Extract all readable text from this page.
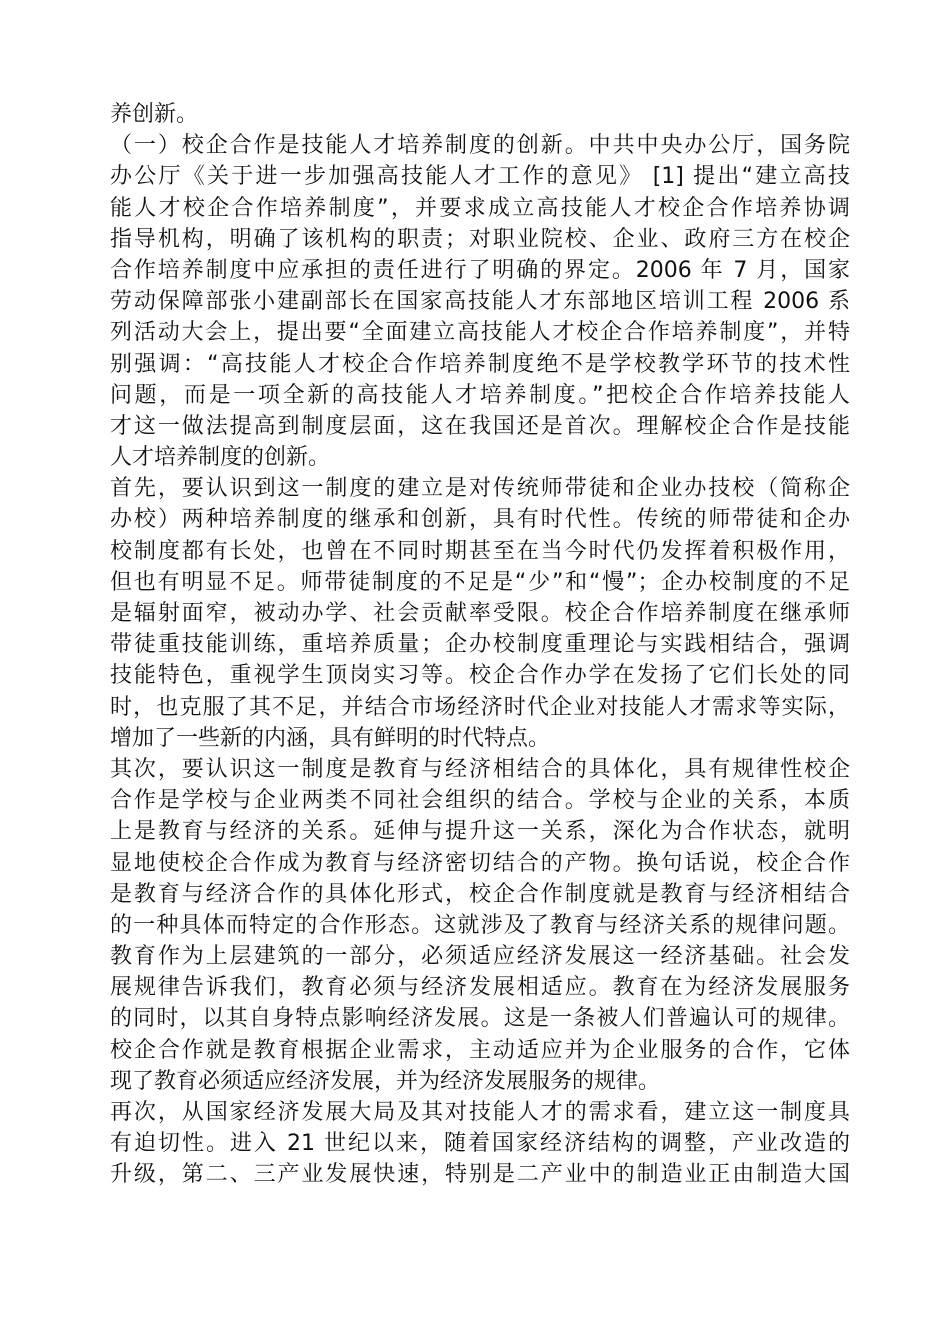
养创新。
（一）校企合作是技能人才培养制度的创新。中共中央办公厅，国务院
办公厅《关于进一步加强高技能人才工作的意见》 [1] 提出“建立高技
能人才校企合作培养制度”，并要求成立高技能人才校企合作培养协调
指导机构，明确了该机构的职责；对职业院校、企业、政府三方在校企
合作培养制度中应承担的责任进行了明确的界定。2006 年 7 月，国家
劳动保障部张小建副部长在国家高技能人才东部地区培训工程 2006 系
列活动大会上，提出要“全面建立高技能人才校企合作培养制度”，并特
别强调：“高技能人才校企合作培养制度绝不是学校教学环节的技术性
问题，而是一项全新的高技能人才培养制度。”把校企合作培养技能人
才这一做法提高到制度层面，这在我国还是首次。理解校企合作是技能
人才培养制度的创新。
首先，要认识到这一制度的建立是对传统师带徒和企业办技校（简称企
办校）两种培养制度的继承和创新，具有时代性。传统的师带徒和企办
校制度都有长处，也曾在不同时期甚至在当今时代仍发挥着积极作用，
但也有明显不足。师带徒制度的不足是“少”和“慢”；企办校制度的不足
是辐射面窄，被动办学、社会贡献率受限。校企合作培养制度在继承师
带徒重技能训练，重培养质量；企办校制度重理论与实践相结合，强调
技能特色，重视学生顶岗实习等。校企合作办学在发扬了它们长处的同
时，也克服了其不足，并结合市场经济时代企业对技能人才需求等实际，
增加了一些新的内涵，具有鲜明的时代特点。
其次，要认识这一制度是教育与经济相结合的具体化，具有规律性校企
合作是学校与企业两类不同社会组织的结合。学校与企业的关系，本质
上是教育与经济的关系。延伸与提升这一关系，深化为合作状态，就明
显地使校企合作成为教育与经济密切结合的产物。换句话说，校企合作
是教育与经济合作的具体化形式，校企合作制度就是教育与经济相结合
的一种具体而特定的合作形态。这就涉及了教育与经济关系的规律问题。
教育作为上层建筑的一部分，必须适应经济发展这一经济基础。社会发
展规律告诉我们，教育必须与经济发展相适应。教育在为经济发展服务
的同时，以其自身特点影响经济发展。这是一条被人们普遍认可的规律。
校企合作就是教育根据企业需求，主动适应并为企业服务的合作，它体
现了教育必须适应经济发展，并为经济发展服务的规律。
再次，从国家经济发展大局及其对技能人才的需求看，建立这一制度具
有迫切性。进入 21 世纪以来，随着国家经济结构的调整，产业改造的
升级，第二、三产业发展快速，特别是二产业中的制造业正由制造大国
